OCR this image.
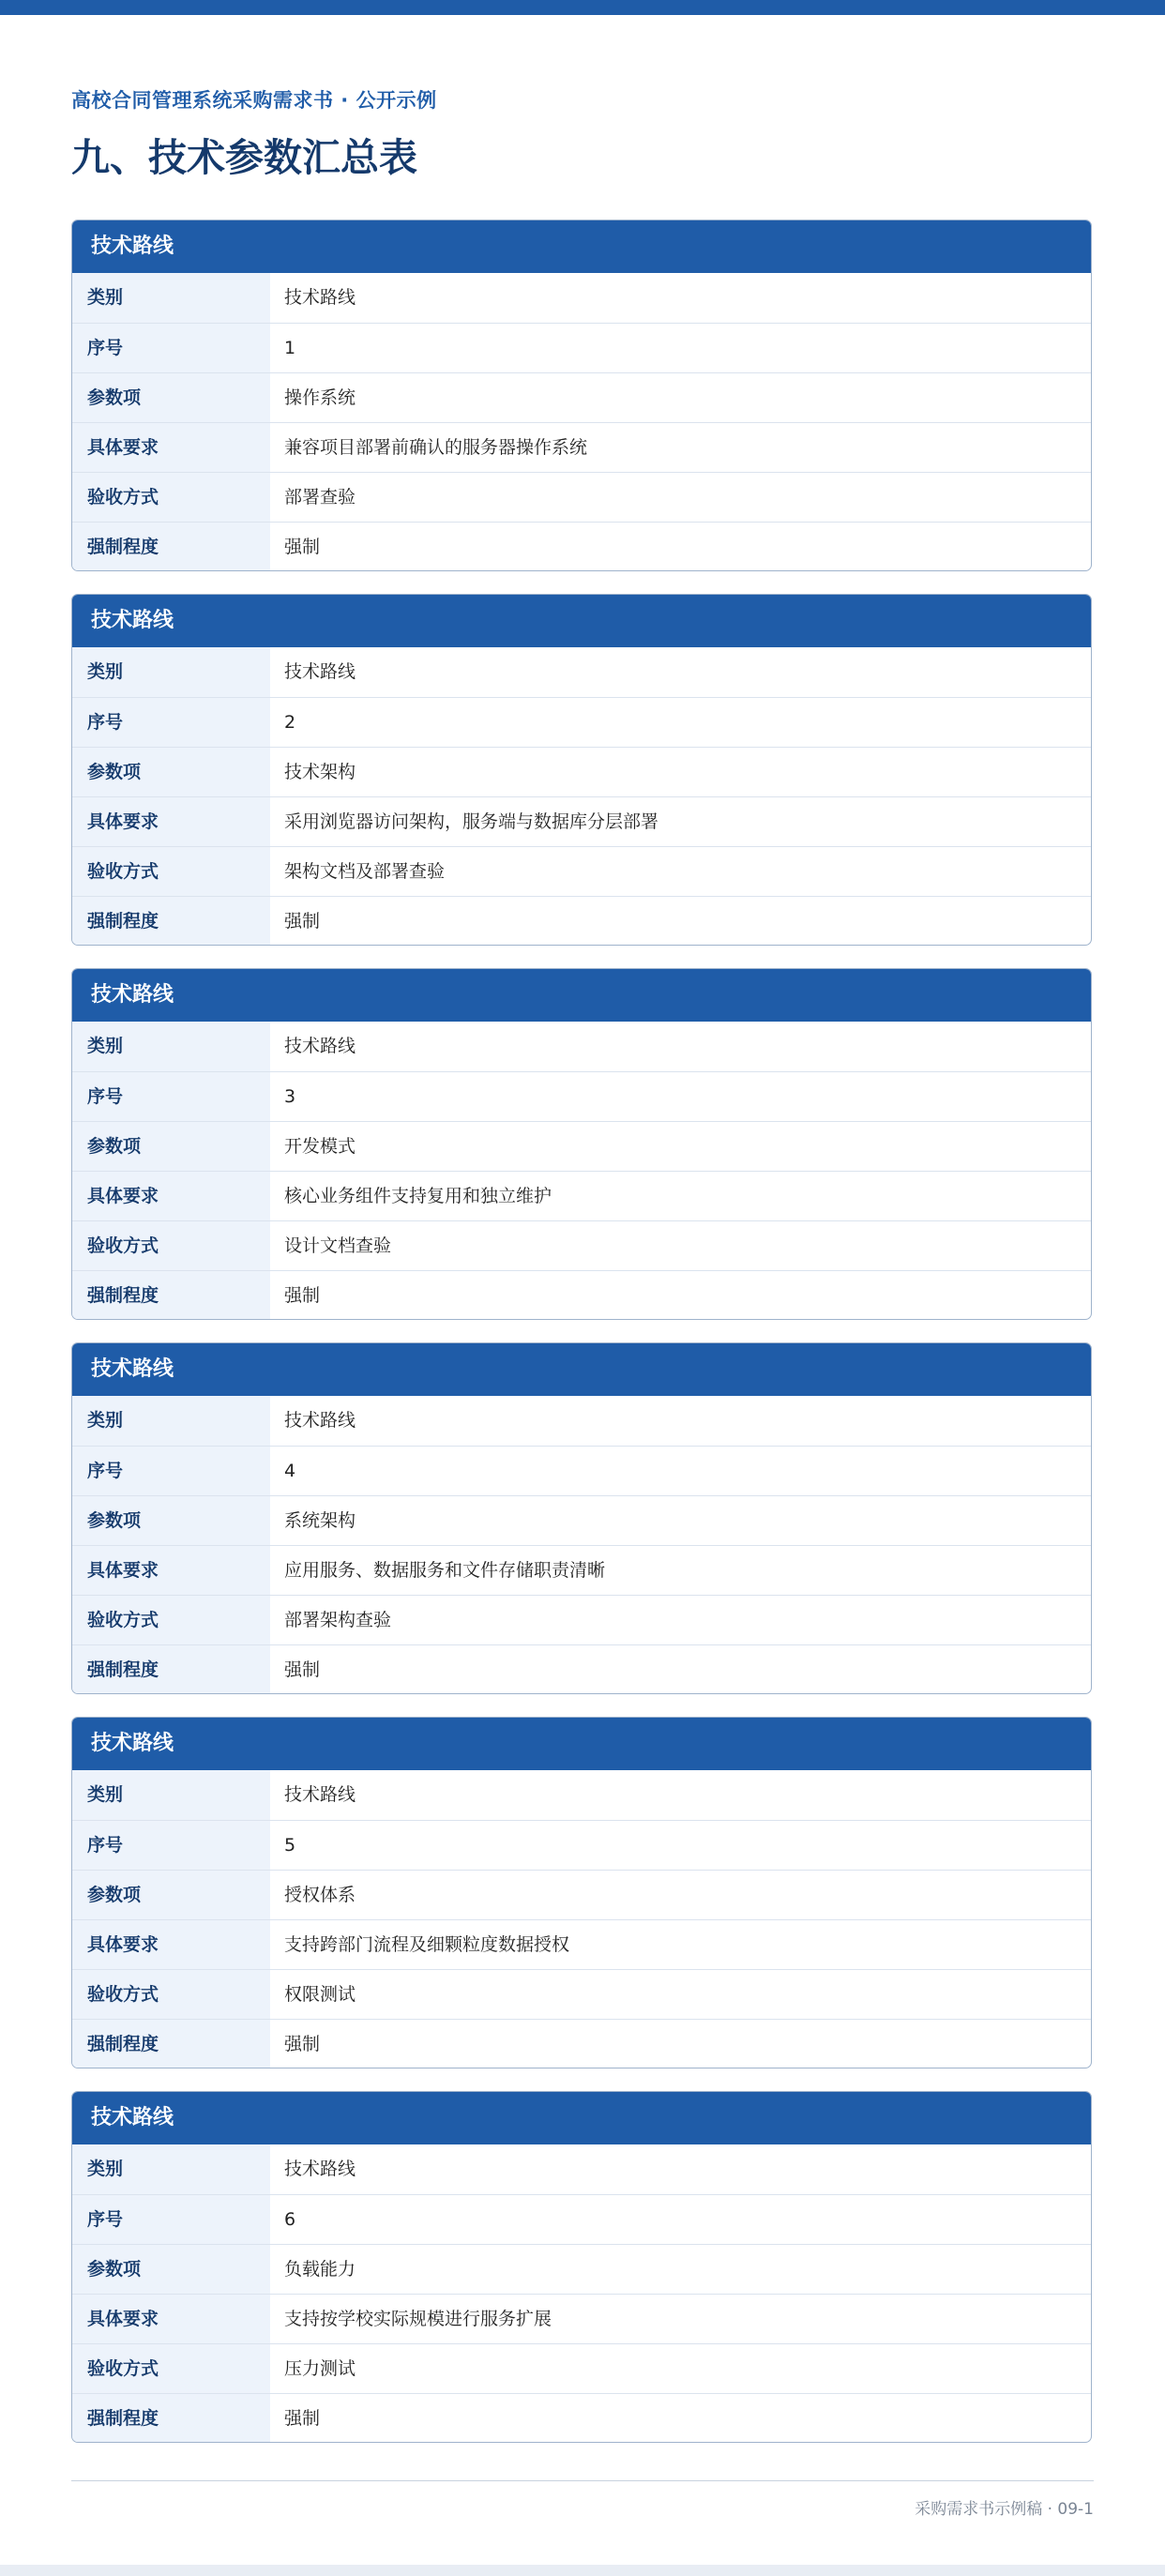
高校合同管理系统采购需求书 · 公开示例
九、技术参数汇总表
技术路线
类别	技术路线
序号	1
参数项	操作系统
具体要求	兼容项目部署前确认的服务器操作系统
验收方式	部署查验
强制程度	强制
技术路线
类别	技术路线
序号	2
参数项	技术架构
具体要求	采用浏览器访问架构，服务端与数据库分层部署
验收方式	架构文档及部署查验
强制程度	强制
技术路线
类别	技术路线
序号	3
参数项	开发模式
具体要求	核心业务组件支持复用和独立维护
验收方式	设计文档查验
强制程度	强制
技术路线
类别	技术路线
序号	4
参数项	系统架构
具体要求	应用服务、数据服务和文件存储职责清晰
验收方式	部署架构查验
强制程度	强制
技术路线
类别	技术路线
序号	5
参数项	授权体系
具体要求	支持跨部门流程及细颗粒度数据授权
验收方式	权限测试
强制程度	强制
技术路线
类别	技术路线
序号	6
参数项	负载能力
具体要求	支持按学校实际规模进行服务扩展
验收方式	压力测试
强制程度	强制
采购需求书示例稿 · 09-1
